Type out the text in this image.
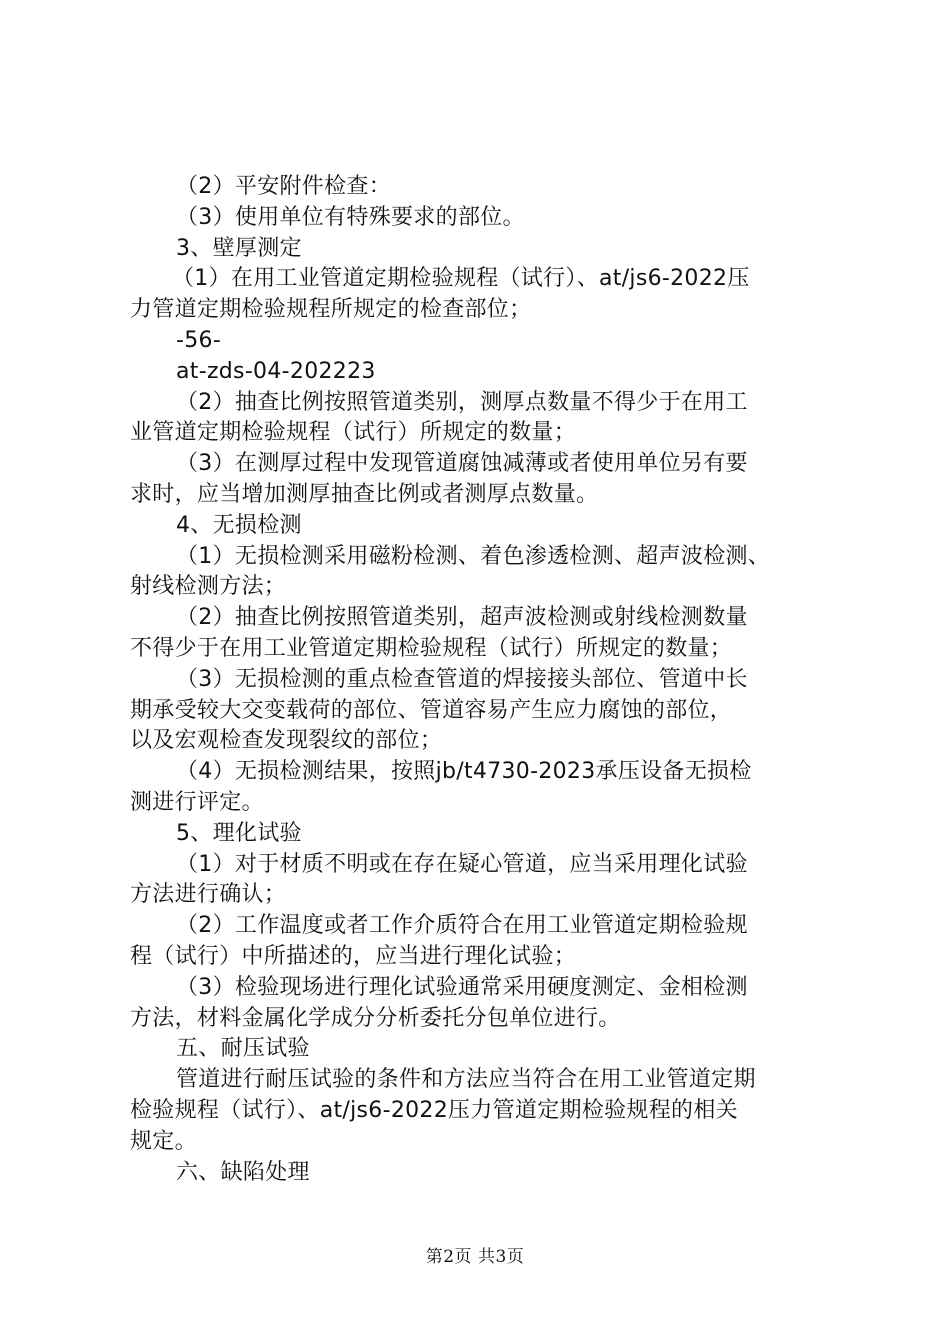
（2）平安附件检查：
（3）使用单位有特殊要求的部位。
3、壁厚测定
（1）在用工业管道定期检验规程（试行）、at/js6-2022压
力管道定期检验规程所规定的检查部位；
-56-
at-zds-04-202223
（2）抽查比例按照管道类别，测厚点数量不得少于在用工
业管道定期检验规程（试行）所规定的数量；
（3）在测厚过程中发现管道腐蚀减薄或者使用单位另有要
求时，应当增加测厚抽查比例或者测厚点数量。
4、无损检测
（1）无损检测采用磁粉检测、着色渗透检测、超声波检测、
射线检测方法；
（2）抽查比例按照管道类别，超声波检测或射线检测数量
不得少于在用工业管道定期检验规程（试行）所规定的数量；
（3）无损检测的重点检查管道的焊接接头部位、管道中长
期承受较大交变载荷的部位、管道容易产生应力腐蚀的部位，
以及宏观检查发现裂纹的部位；
（4）无损检测结果，按照jb/t4730-2023承压设备无损检
测进行评定。
5、理化试验
（1）对于材质不明或在存在疑心管道，应当采用理化试验
方法进行确认；
（2）工作温度或者工作介质符合在用工业管道定期检验规
程（试行）中所描述的，应当进行理化试验；
（3）检验现场进行理化试验通常采用硬度测定、金相检测
方法，材料金属化学成分分析委托分包单位进行。
五、耐压试验
管道进行耐压试验的条件和方法应当符合在用工业管道定期
检验规程（试行）、at/js6-2022压力管道定期检验规程的相关
规定。
六、缺陷处理
第2页 共3页
